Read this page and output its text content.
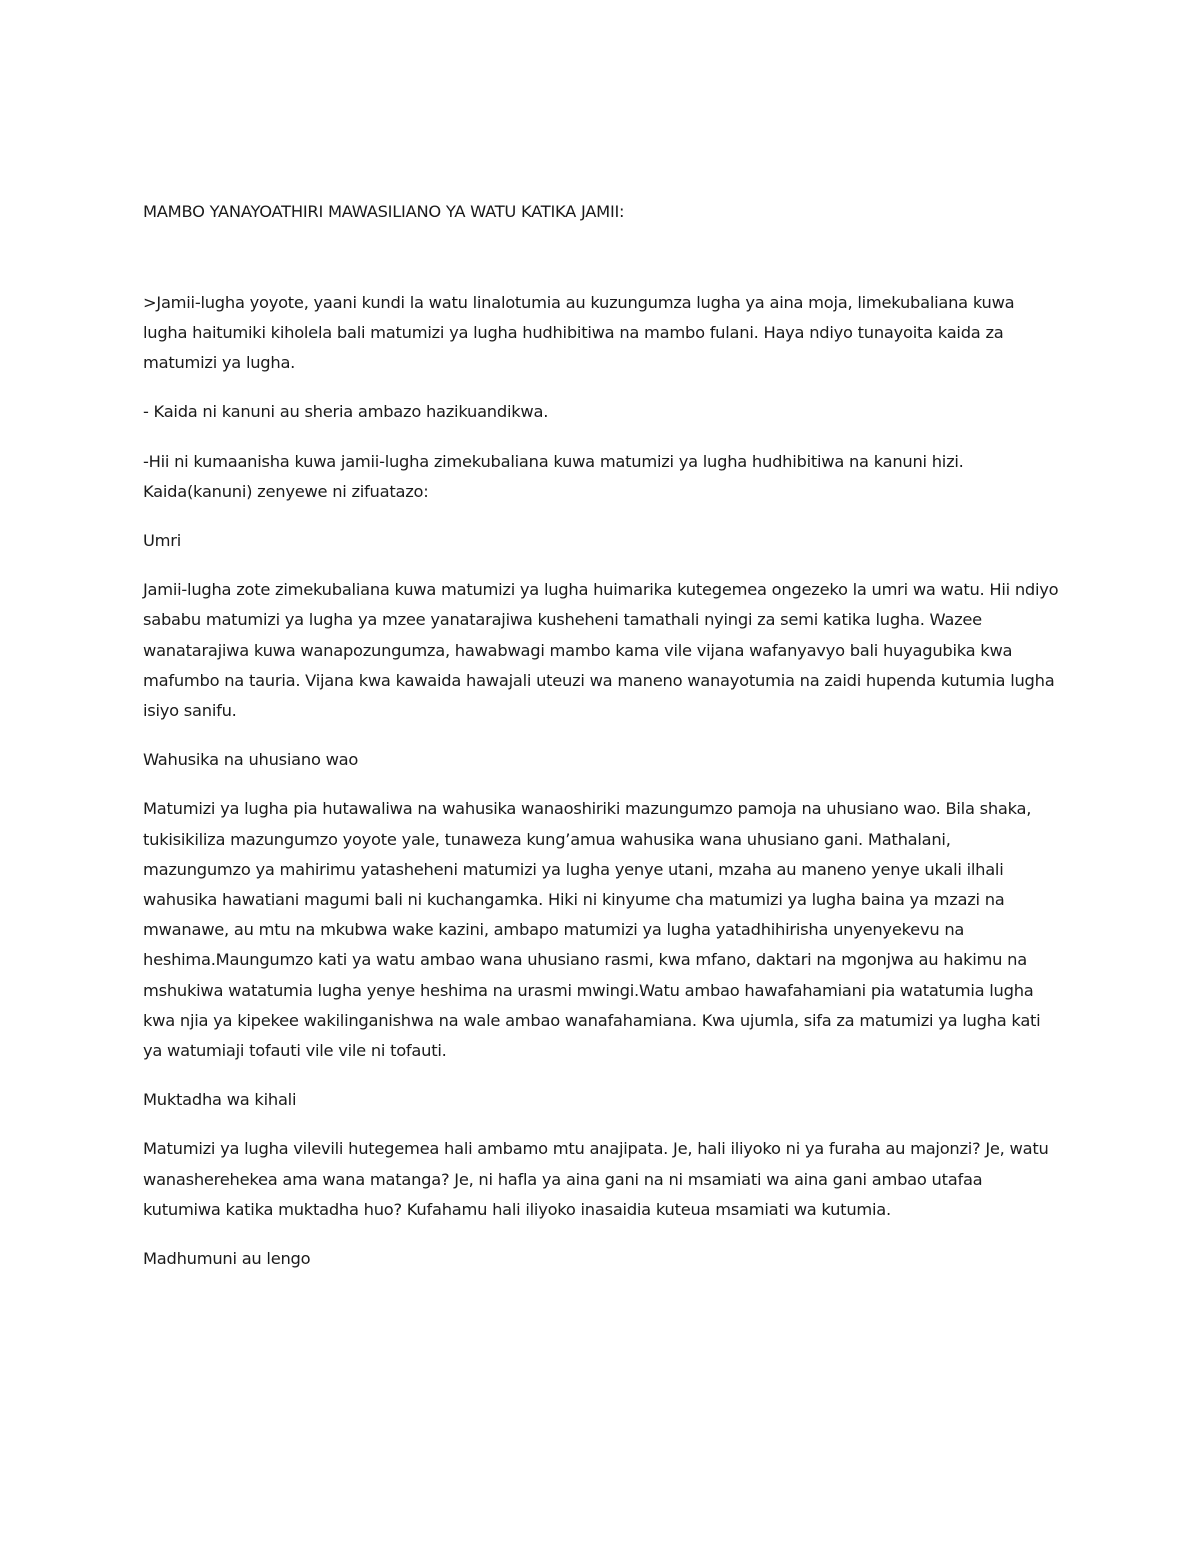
MAMBO YANAYOATHIRI MAWASILIANO YA WATU KATIKA JAMII:

>Jamii-lugha yoyote, yaani kundi la watu linalotumia au kuzungumza lugha ya aina moja, limekubaliana kuwa lugha haitumiki kiholela bali matumizi ya lugha hudhibitiwa na mambo fulani. Haya ndiyo tunayoita kaida za matumizi ya lugha.

- Kaida ni kanuni au sheria ambazo hazikuandikwa.

-Hii ni kumaanisha kuwa jamii-lugha zimekubaliana kuwa matumizi ya lugha hudhibitiwa na kanuni hizi. Kaida(kanuni) zenyewe ni zifuatazo:

Umri

Jamii-lugha zote zimekubaliana kuwa matumizi ya lugha huimarika kutegemea ongezeko la umri wa watu. Hii ndiyo sababu matumizi ya lugha ya mzee yanatarajiwa kusheheni tamathali nyingi za semi katika lugha. Wazee wanatarajiwa kuwa wanapozungumza, hawabwagi mambo kama vile vijana wafanyavyo bali huyagubika kwa mafumbo na tauria. Vijana kwa kawaida hawajali uteuzi wa maneno wanayotumia na zaidi hupenda kutumia lugha isiyo sanifu.

Wahusika na uhusiano wao

Matumizi ya lugha pia hutawaliwa na wahusika wanaoshiriki mazungumzo pamoja na uhusiano wao. Bila shaka, tukisikiliza mazungumzo yoyote yale, tunaweza kung’amua wahusika wana uhusiano gani. Mathalani, mazungumzo ya mahirimu yatasheheni matumizi ya lugha yenye utani, mzaha au maneno yenye ukali ilhali wahusika hawatiani magumi bali ni kuchangamka. Hiki ni kinyume cha matumizi ya lugha baina ya mzazi na mwanawe, au mtu na mkubwa wake kazini, ambapo matumizi ya lugha yatadhihirisha unyenyekevu na heshima.Maungumzo kati ya watu ambao wana uhusiano rasmi, kwa mfano, daktari na mgonjwa au hakimu na mshukiwa watatumia lugha yenye heshima na urasmi mwingi.Watu ambao hawafahamiani pia watatumia lugha kwa njia ya kipekee wakilinganishwa na wale ambao wanafahamiana. Kwa ujumla, sifa za matumizi ya lugha kati ya watumiaji tofauti vile vile ni tofauti.

Muktadha wa kihali

Matumizi ya lugha vilevili hutegemea hali ambamo mtu anajipata. Je, hali iliyoko ni ya furaha au majonzi? Je, watu wanasherehekea ama wana matanga? Je, ni hafla ya aina gani na ni msamiati wa aina gani ambao utafaa kutumiwa katika muktadha huo? Kufahamu hali iliyoko inasaidia kuteua msamiati wa kutumia.

Madhumuni au lengo
